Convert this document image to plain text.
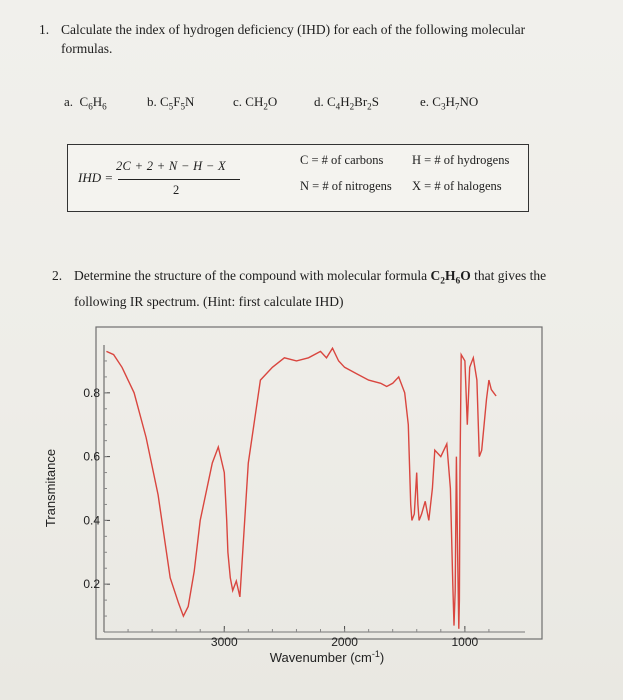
1. Calculate the index of hydrogen deficiency (IHD) for each of the following molecular
formulas.
a. $C_6H_6$	b. $C_5F_5N$	c. $CH_2O$	d. $C_4H_2Br_2S$	e. $C_3H_7NO$
IHD =
2C + 2 + N − H − X
2
C = # of carbons H = # of hydrogens
N = # of nitrogens X = # of halogens
2. Determine the structure of the compound with molecular formula $C_2H_6O$ that gives the
following IR spectrum. (Hint: first calculate IHD)
0.8
0.6
0.4
0.2
3000	2000	1000
Transmitance
Wavenumber $(cm^{-1})$
